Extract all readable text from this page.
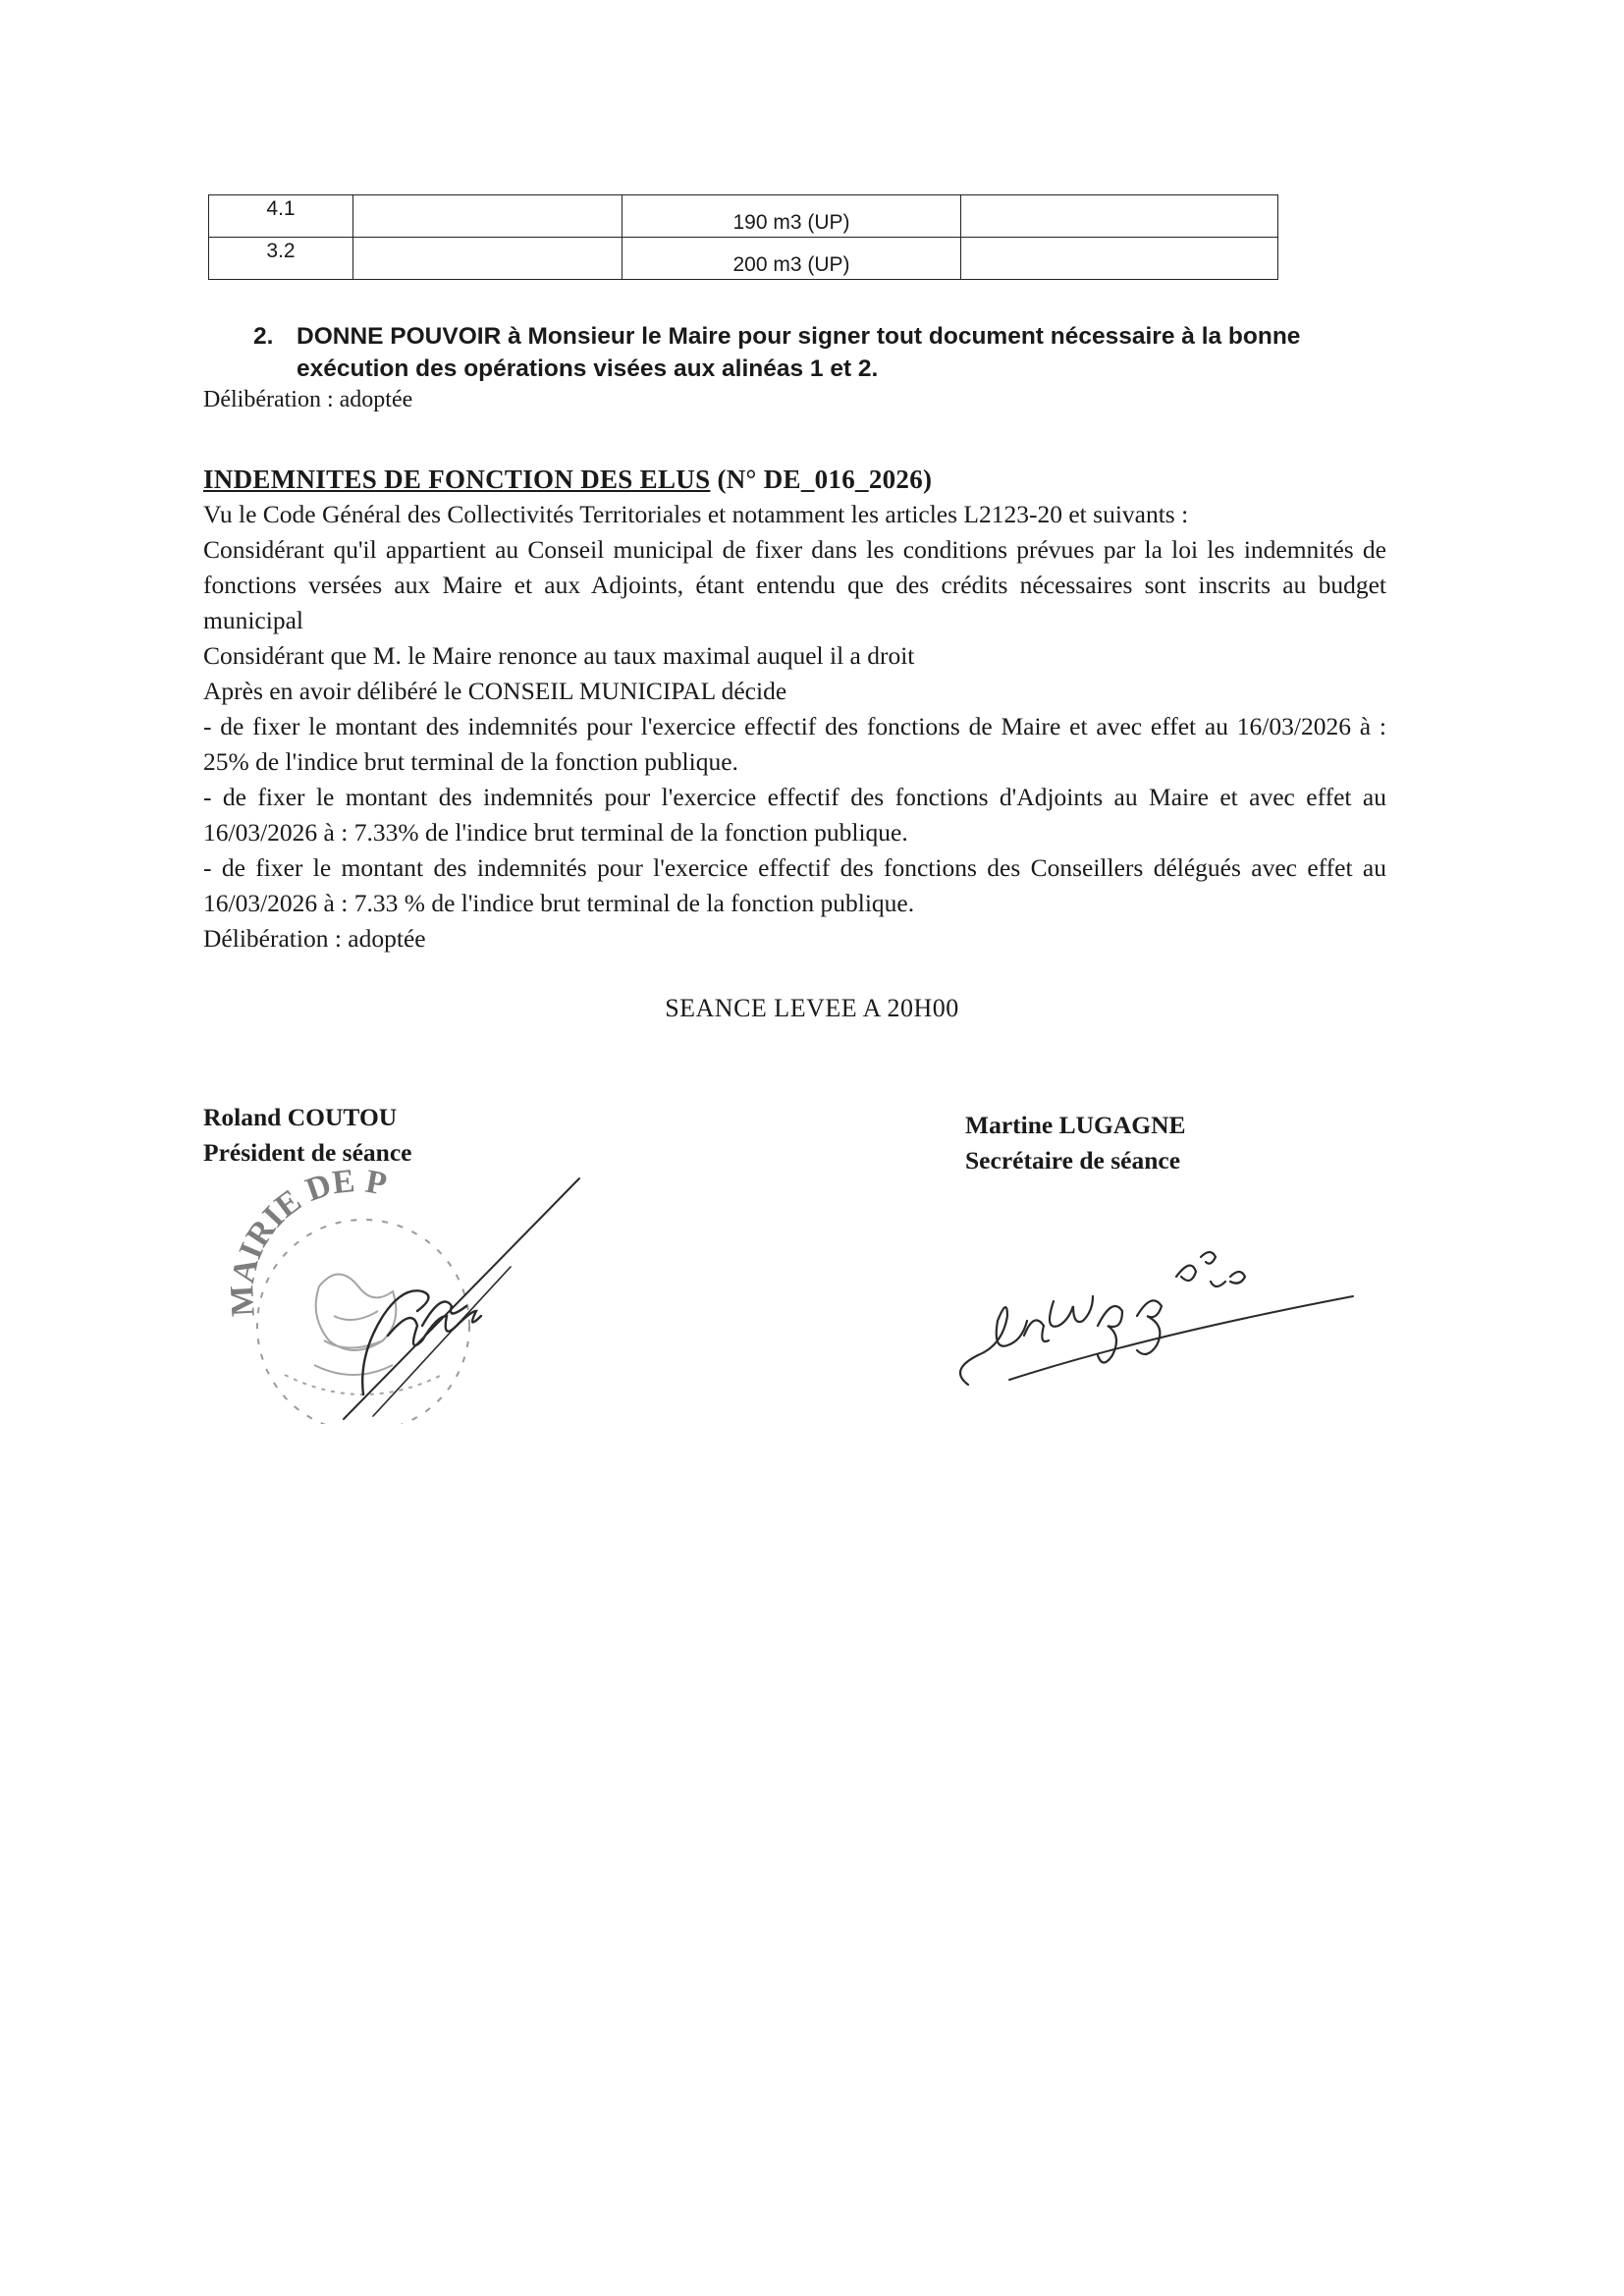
4.1		190 m3 (UP)	
3.2		200 m3 (UP)	
2. DONNE POUVOIR à Monsieur le Maire pour signer tout document nécessaire à la bonne
exécution des opérations visées aux alinéas 1 et 2.
Délibération : adoptée
INDEMNITES DE FONCTION DES ELUS (N° DE_016_2026)

Vu le Code Général des Collectivités Territoriales et notamment les articles L2123-20 et suivants :

Considérant qu'il appartient au Conseil municipal de fixer dans les conditions prévues par la loi les indemnités de fonctions versées aux Maire et aux Adjoints, étant entendu que des crédits nécessaires sont inscrits au budget municipal

Considérant que M. le Maire renonce au taux maximal auquel il a droit

Après en avoir délibéré le CONSEIL MUNICIPAL décide

- de fixer le montant des indemnités pour l'exercice effectif des fonctions de Maire et avec effet au 16/03/2026 à : 25% de l'indice brut terminal de la fonction publique.

- de fixer le montant des indemnités pour l'exercice effectif des fonctions d'Adjoints au Maire et avec effet au 16/03/2026 à : 7.33% de l'indice brut terminal de la fonction publique.

- de fixer le montant des indemnités pour l'exercice effectif des fonctions des Conseillers délégués avec effet au 16/03/2026 à : 7.33 % de l'indice brut terminal de la fonction publique.

Délibération : adoptée

SEANCE LEVEE A 20H00
Roland COUTOU
Président de séance
Martine LUGAGNE
Secrétaire de séance
MAIRIE DE P
